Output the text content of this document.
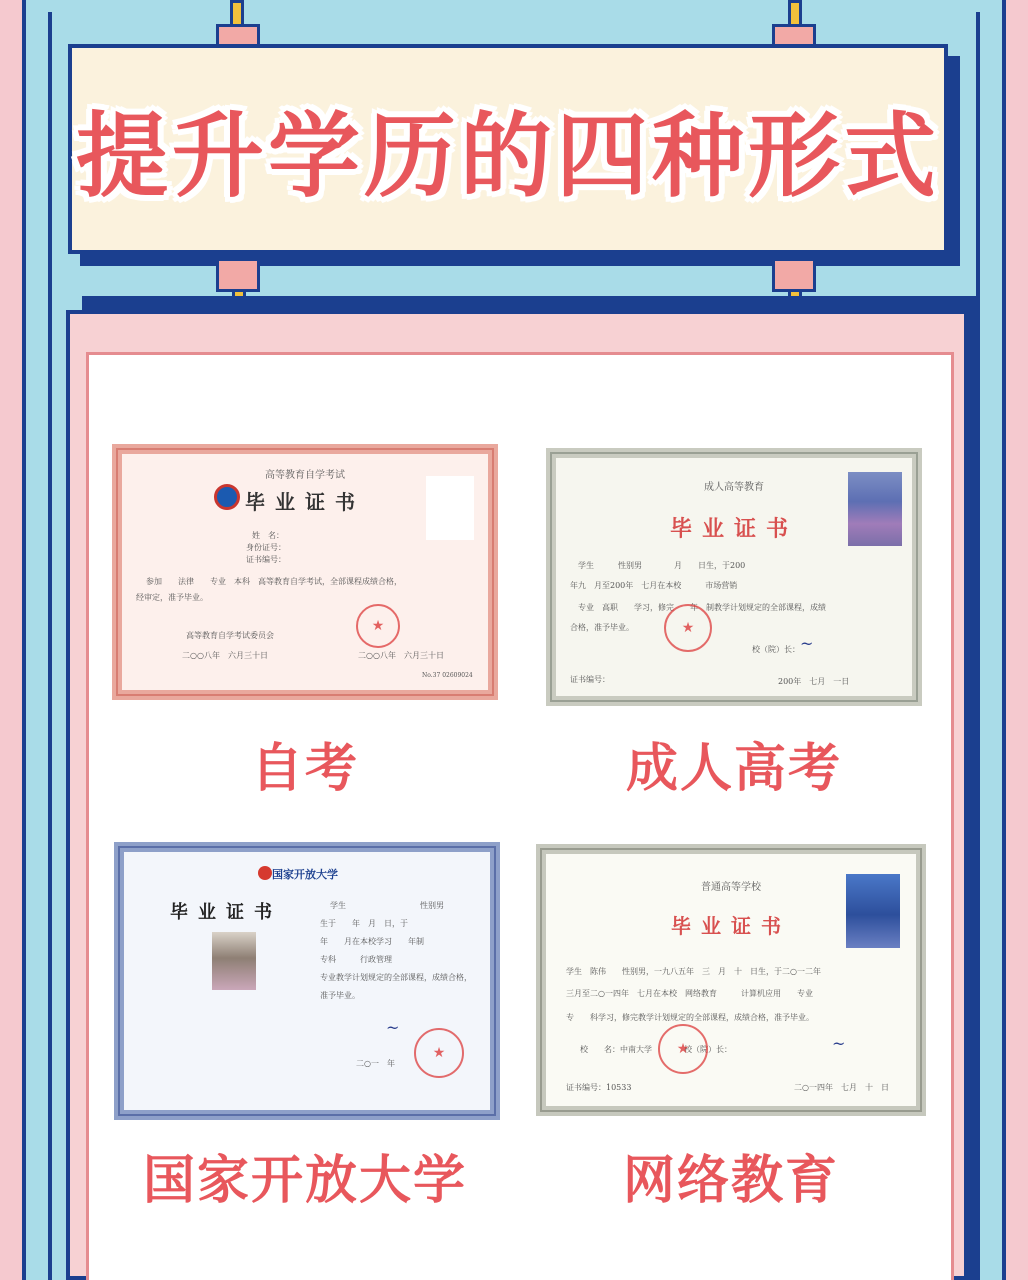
提升学历的四种形式
高等教育自学考试
毕业证书
姓　名：
身份证号：
证书编号：
参加　　法律　　专业　本科　高等教育自学考试，全部课程成绩合格，
经审定，准予毕业。
★
高等教育自学考试委员会
二○○八年　六月三十日	二○○八年　六月三十日
No.37 02609024
自考
成人高等教育
毕业证书
学生　　　性别男　　　　月　　日生，于200
年九　月至200年　七月在本校　　　市场营销
专业　高职　　学习，修完　　年　制教学计划规定的全部课程，成绩
合格，准予毕业。
★
校（院）长： ~
证书编号：	200年　七月　一日
成人高考
国家开放大学
毕业证书	学生	性别男
生于　　年　月　日，于
年　　月在本校学习　　年制
专科　　　行政管理
专业教学计划规定的全部课程，成绩合格，
准予毕业。
~
★
二○一　年
国家开放大学
普通高等学校
毕业证书
学生　陈伟　　性别男，一九八五年　三　月　十　日生，于二○一二年
三月至二○一四年　七月在本校　网络教育　　　计算机应用　　专业
专　　科学习，修完教学计划规定的全部课程，成绩合格，准予毕业。
校　　名：中南大学　　　　校（院）长：
★	~
证书编号：10533	二○一四年　七月　十　日
网络教育
